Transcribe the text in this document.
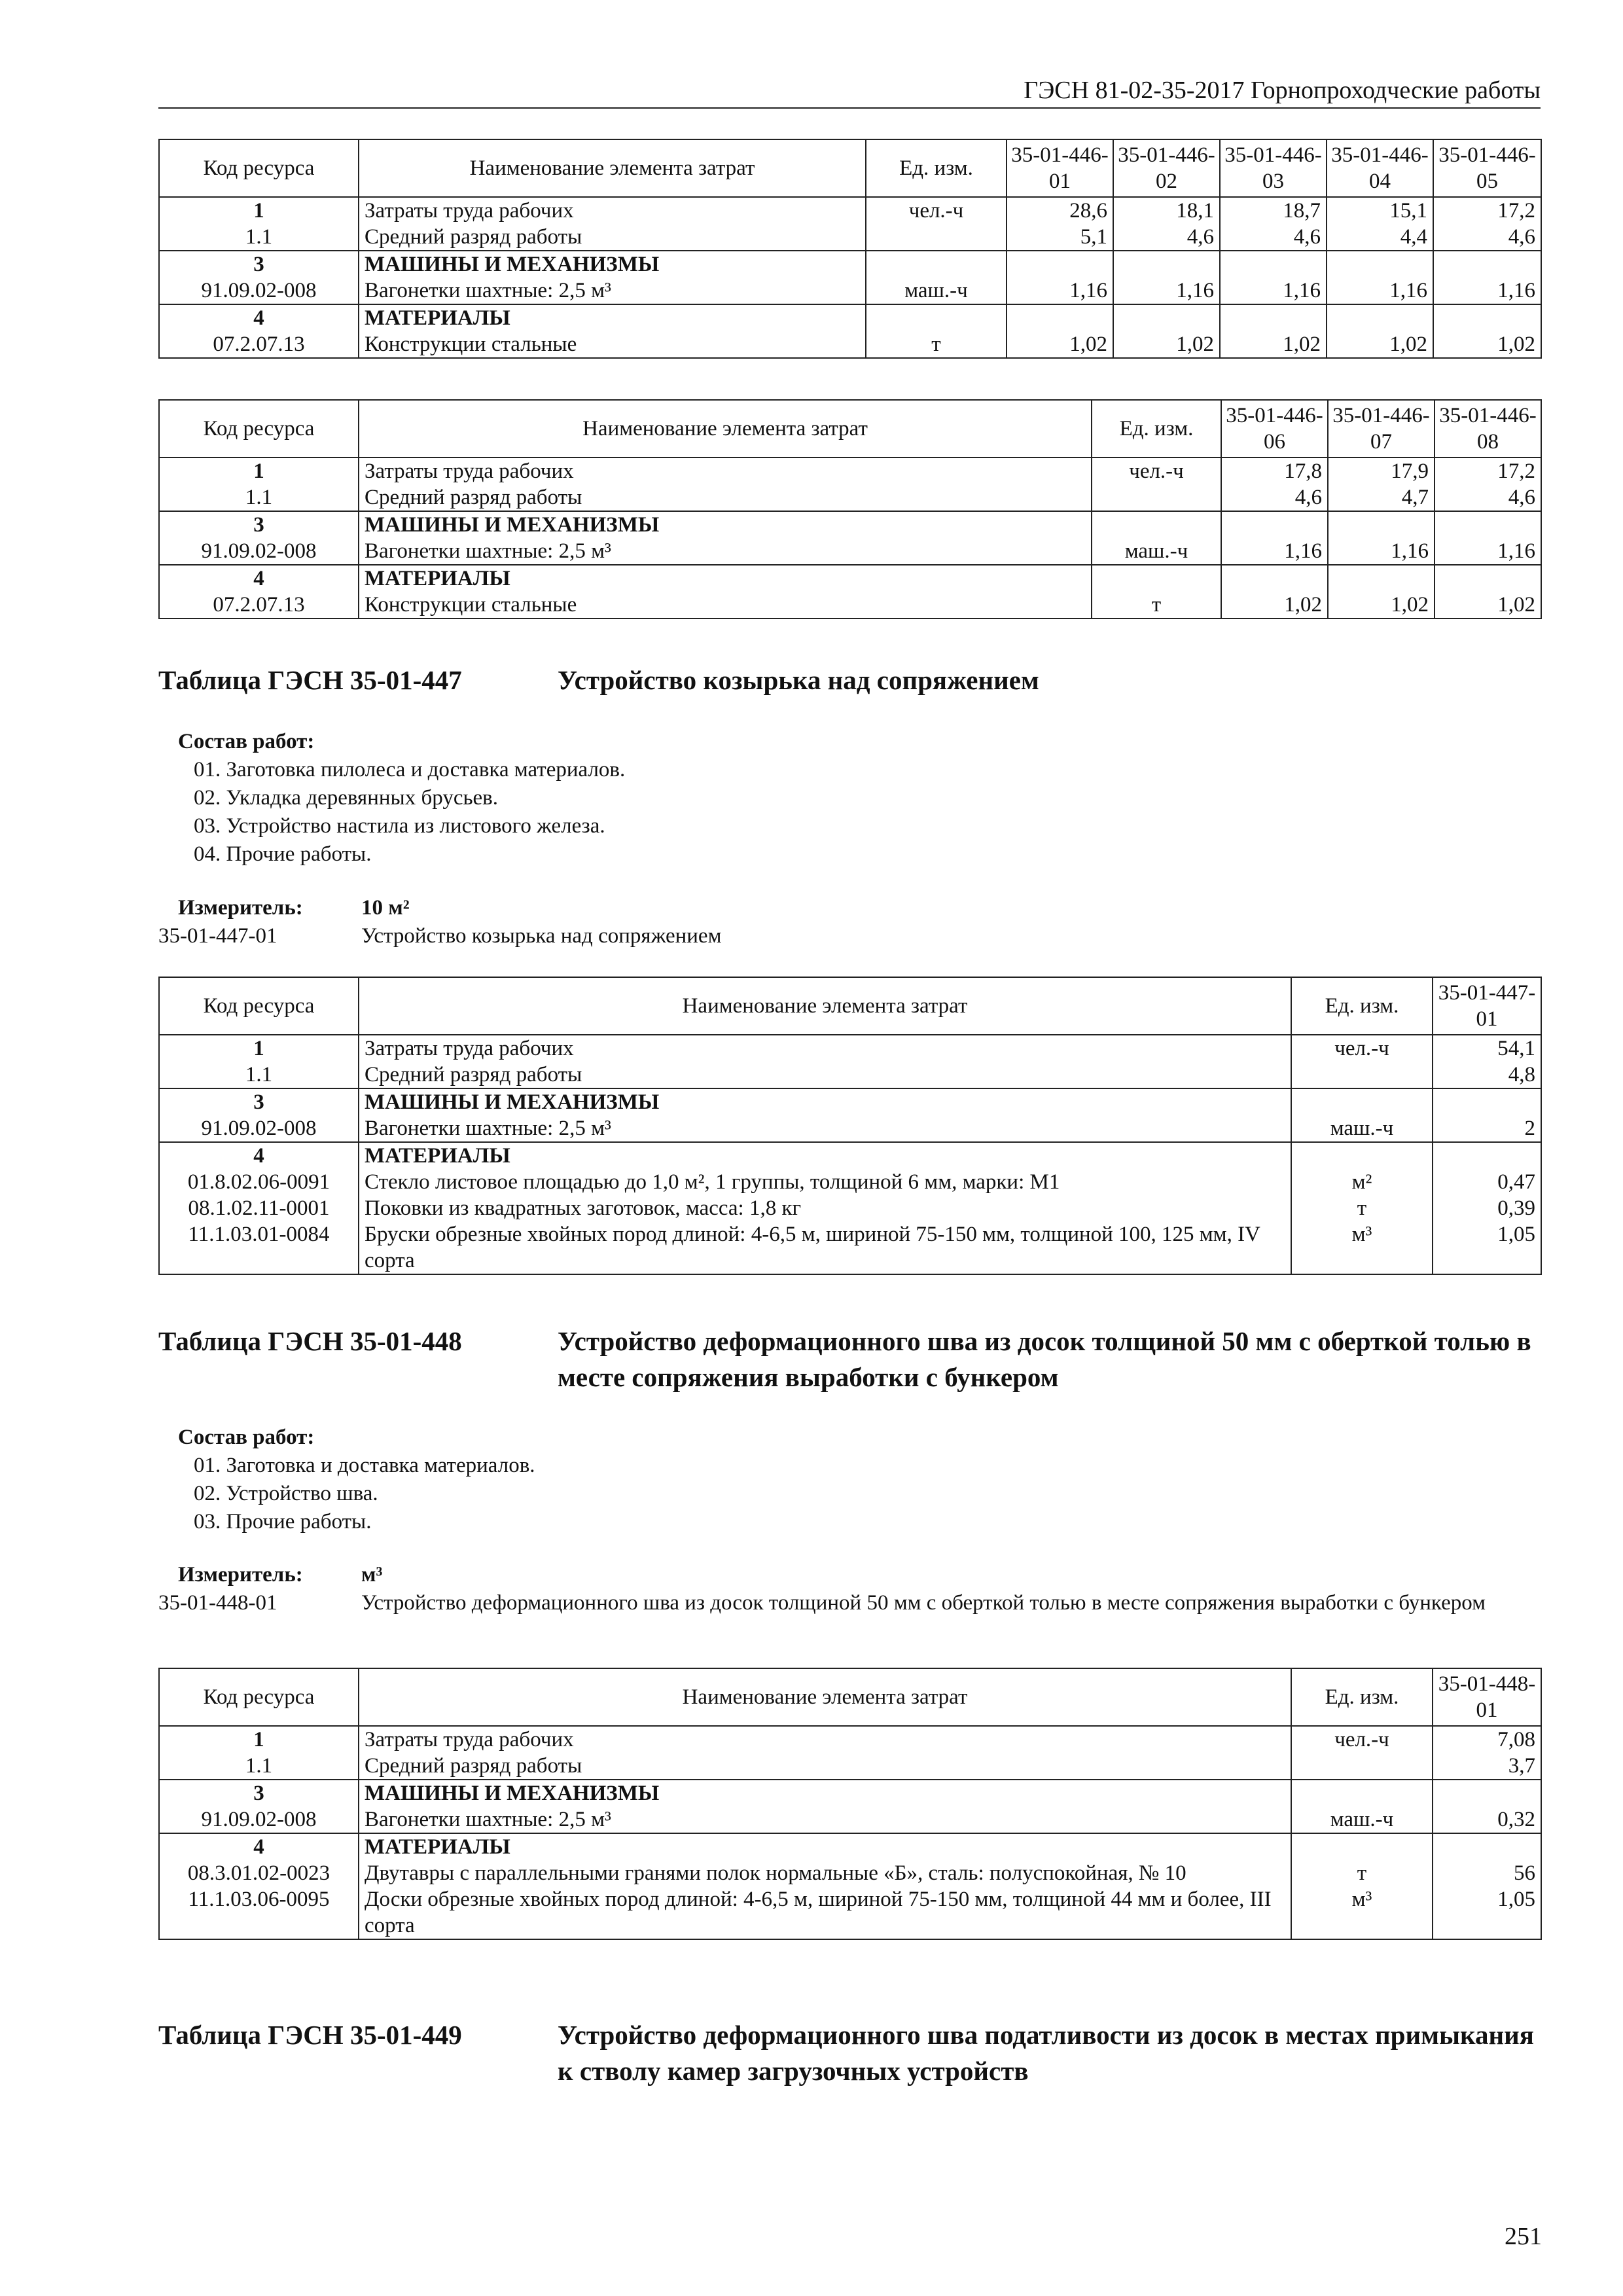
ГЭСН 81-02-35-2017 Горнопроходческие работы
Код ресурса	Наименование элемента затрат	Ед. изм.	35-01-446-01	35-01-446-02	35-01-446-03	35-01-446-04	35-01-446-05
1	Затраты труда рабочих	чел.-ч	28,6	18,1	18,7	15,1	17,2
1.1	Средний разряд работы		5,1	4,6	4,6	4,4	4,6
3	МАШИНЫ И МЕХАНИЗМЫ						
91.09.02-008	Вагонетки шахтные: 2,5 м³	маш.-ч	1,16	1,16	1,16	1,16	1,16
4	МАТЕРИАЛЫ						
07.2.07.13	Конструкции стальные	т	1,02	1,02	1,02	1,02	1,02
Код ресурса	Наименование элемента затрат	Ед. изм.	35-01-446-06	35-01-446-07	35-01-446-08
1	Затраты труда рабочих	чел.-ч	17,8	17,9	17,2
1.1	Средний разряд работы		4,6	4,7	4,6
3	МАШИНЫ И МЕХАНИЗМЫ				
91.09.02-008	Вагонетки шахтные: 2,5 м³	маш.-ч	1,16	1,16	1,16
4	МАТЕРИАЛЫ				
07.2.07.13	Конструкции стальные	т	1,02	1,02	1,02
Таблица ГЭСН 35-01-447	Устройство козырька над сопряжением
Состав работ:
01. Заготовка пилолеса и доставка материалов.
02. Укладка деревянных брусьев.
03. Устройство настила из листового железа.
04. Прочие работы.
Измеритель:	10 м²
35-01-447-01	Устройство козырька над сопряжением
Код ресурса	Наименование элемента затрат	Ед. изм.	35-01-447-01
1	Затраты труда рабочих	чел.-ч	54,1
1.1	Средний разряд работы		4,8
3	МАШИНЫ И МЕХАНИЗМЫ		
91.09.02-008	Вагонетки шахтные: 2,5 м³	маш.-ч	2
4	МАТЕРИАЛЫ		
01.8.02.06-0091	Стекло листовое площадью до 1,0 м², 1 группы, толщиной 6 мм, марки: М1	м²	0,47
08.1.02.11-0001	Поковки из квадратных заготовок, масса: 1,8 кг	т	0,39
11.1.03.01-0084	Бруски обрезные хвойных пород длиной: 4-6,5 м, шириной 75-150 мм, толщиной 100, 125 мм, IV сорта	м³	1,05
Таблица ГЭСН 35-01-448	Устройство деформационного шва из досок толщиной 50 мм с оберткой толью в месте сопряжения выработки с бункером
Состав работ:
01. Заготовка и доставка материалов.
02. Устройство шва.
03. Прочие работы.
Измеритель:	м³
35-01-448-01	Устройство деформационного шва из досок толщиной 50 мм с оберткой толью в месте сопряжения выработки с бункером
Код ресурса	Наименование элемента затрат	Ед. изм.	35-01-448-01
1	Затраты труда рабочих	чел.-ч	7,08
1.1	Средний разряд работы		3,7
3	МАШИНЫ И МЕХАНИЗМЫ		
91.09.02-008	Вагонетки шахтные: 2,5 м³	маш.-ч	0,32
4	МАТЕРИАЛЫ		
08.3.01.02-0023	Двутавры с параллельными гранями полок нормальные «Б», сталь: полуспокойная, № 10	т	56
11.1.03.06-0095	Доски обрезные хвойных пород длиной: 4-6,5 м, шириной 75-150 мм, толщиной 44 мм и более, III сорта	м³	1,05
Таблица ГЭСН 35-01-449	Устройство деформационного шва податливости из досок в местах примыкания к стволу камер загрузочных устройств
251
